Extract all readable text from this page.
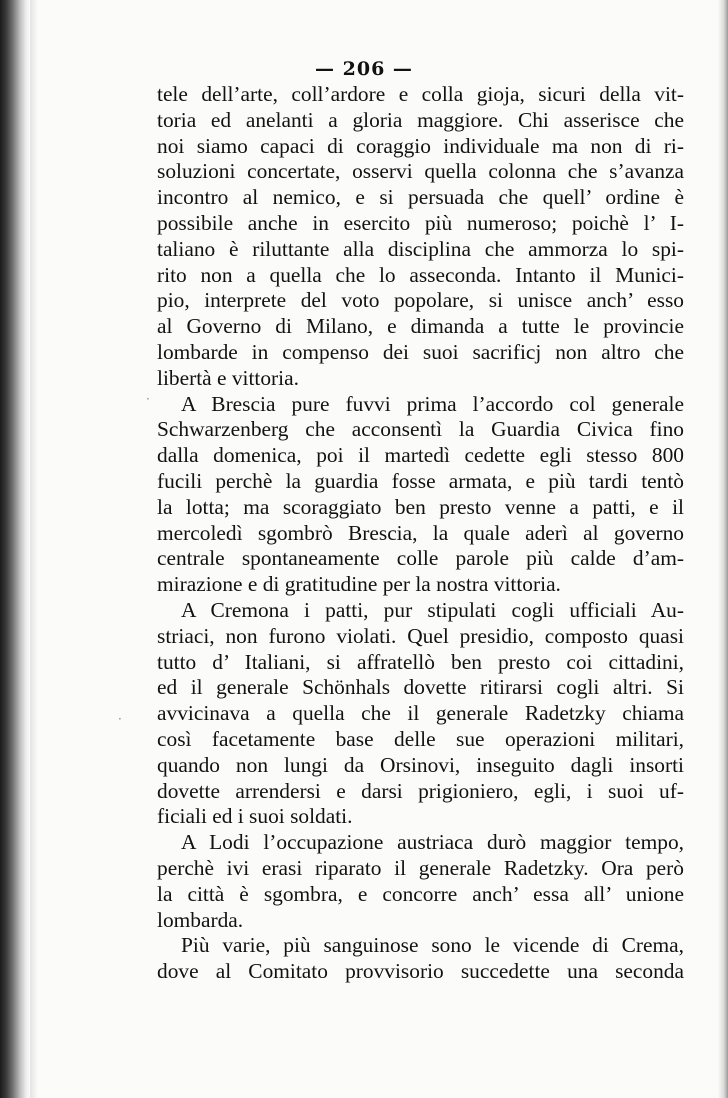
— 206 —
tele dell’arte, coll’ardore e colla gioja, sicuri della vit-
toria ed anelanti a gloria maggiore. Chi asserisce che
noi siamo capaci di coraggio individuale ma non di ri-
soluzioni concertate, osservi quella colonna che s’avanza
incontro al nemico, e si persuada che quell’ ordine è
possibile anche in esercito più numeroso; poichè l’ I-
taliano è riluttante alla disciplina che ammorza lo spi-
rito non a quella che lo asseconda. Intanto il Munici-
pio, interprete del voto popolare, si unisce anch’ esso
al Governo di Milano, e dimanda a tutte le provincie
lombarde in compenso dei suoi sacrificj non altro che
libertà e vittoria.
A Brescia pure fuvvi prima l’accordo col generale
Schwarzenberg che acconsentì la Guardia Civica fino
dalla domenica, poi il martedì cedette egli stesso 800
fucili perchè la guardia fosse armata, e più tardi tentò
la lotta; ma scoraggiato ben presto venne a patti, e il
mercoledì sgombrò Brescia, la quale aderì al governo
centrale spontaneamente colle parole più calde d’am-
mirazione e di gratitudine per la nostra vittoria.
A Cremona i patti, pur stipulati cogli ufficiali Au-
striaci, non furono violati. Quel presidio, composto quasi
tutto d’ Italiani, si affratellò ben presto coi cittadini,
ed il generale Schönhals dovette ritirarsi cogli altri. Si
avvicinava a quella che il generale Radetzky chiama
così facetamente base delle sue operazioni militari,
quando non lungi da Orsinovi, inseguito dagli insorti
dovette arrendersi e darsi prigioniero, egli, i suoi uf-
ficiali ed i suoi soldati.
A Lodi l’occupazione austriaca durò maggior tempo,
perchè ivi erasi riparato il generale Radetzky. Ora però
la città è sgombra, e concorre anch’ essa all’ unione
lombarda.
Più varie, più sanguinose sono le vicende di Crema,
dove al Comitato provvisorio succedette una seconda
·
·
